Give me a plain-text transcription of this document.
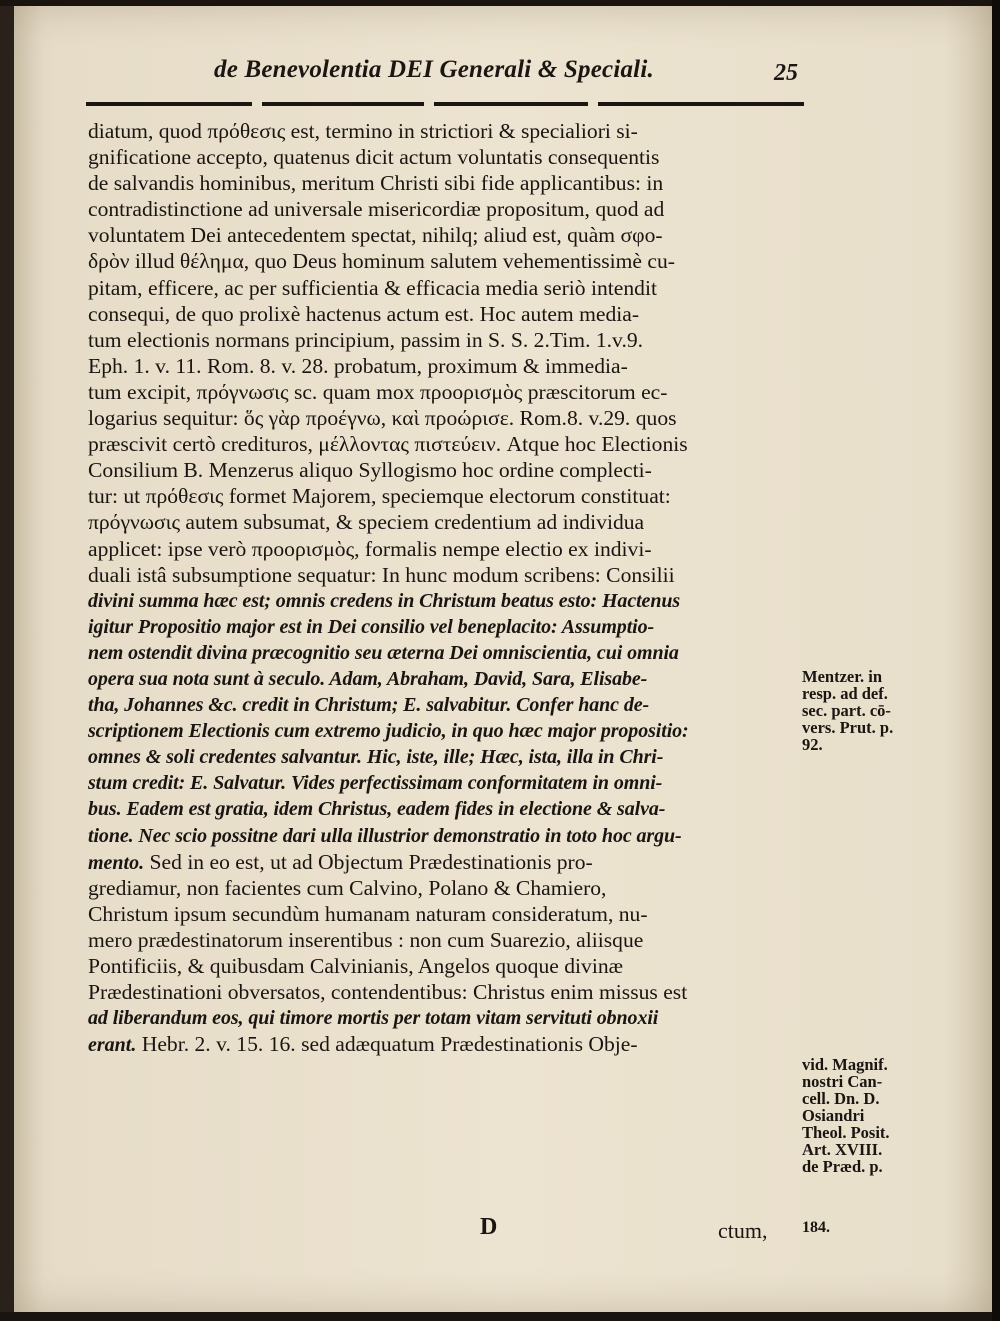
de Benevolentia DEI Generali & Speciali.	25
diatum, quod πρόθεσις est, termino in strictiori & specialiori si-
gnificatione accepto, quatenus dicit actum voluntatis consequentis
de salvandis hominibus, meritum Christi sibi fide applicantibus: in
contradistinctione ad universale misericordiæ propositum, quod ad
voluntatem Dei antecedentem spectat, nihilq; aliud est, quàm σφο-
δρὸν illud θέλημα, quo Deus hominum salutem vehementissimè cu-
pitam, efficere, ac per sufficientia & efficacia media seriò intendit
consequi, de quo prolixè hactenus actum est. Hoc autem media-
tum electionis normans principium, passim in S. S. 2.Tim. 1.v.9.
Eph. 1. v. 11. Rom. 8. v. 28. probatum, proximum & immedia-
tum excipit, πρόγνωσις sc. quam mox προορισμὸς præscitorum ec-
logarius sequitur: ὅς γὰρ προέγνω, καὶ προώρισε. Rom.8. v.29. quos
præscivit certò credituros, μέλλοντας πιστεύειν. Atque hoc Electionis
Consilium B. Menzerus aliquo Syllogismo hoc ordine complecti-
tur: ut πρόθεσις formet Majorem, speciemque electorum constituat:
πρόγνωσις autem subsumat, & speciem credentium ad individua
applicet: ipse verò προορισμὸς, formalis nempe electio ex indivi-
duali istâ subsumptione sequatur: In hunc modum scribens: Consilii
divini summa hæc est; omnis credens in Christum beatus esto: Hactenus
igitur Propositio major est in Dei consilio vel beneplacito: Assumptio-
nem ostendit divina præcognitio seu æterna Dei omniscientia, cui omnia
opera sua nota sunt à seculo. Adam, Abraham, David, Sara, Elisabe-
tha, Johannes &c. credit in Christum; E. salvabitur. Confer hanc de-
scriptionem Electionis cum extremo judicio, in quo hæc major propositio:
omnes & soli credentes salvantur. Hic, iste, ille; Hæc, ista, illa in Chri-
stum credit: E. Salvatur. Vides perfectissimam conformitatem in omni-
bus. Eadem est gratia, idem Christus, eadem fides in electione & salva-
tione. Nec scio possitne dari ulla illustrior demonstratio in toto hoc argu-
mento. Sed in eo est, ut ad Objectum Prædestinationis pro-
grediamur, non facientes cum Calvino, Polano & Chamiero,
Christum ipsum secundùm humanam naturam consideratum, nu-
mero prædestinatorum inserentibus : non cum Suarezio, aliisque
Pontificiis, & quibusdam Calvinianis, Angelos quoque divinæ
Prædestinationi obversatos, contendentibus: Christus enim missus est
ad liberandum eos, qui timore mortis per totam vitam servituti obnoxii
erant. Hebr. 2. v. 15. 16. sed adæquatum Prædestinationis Obje-
Mentzer. in
resp. ad def.
sec. part. cō-
vers. Prut. p.
92.
vid. Magnif.
nostri Can-
cell. Dn. D.
Osiandri
Theol. Posit.
Art. XVIII.
de Præd. p.
D	ctum, 184.
